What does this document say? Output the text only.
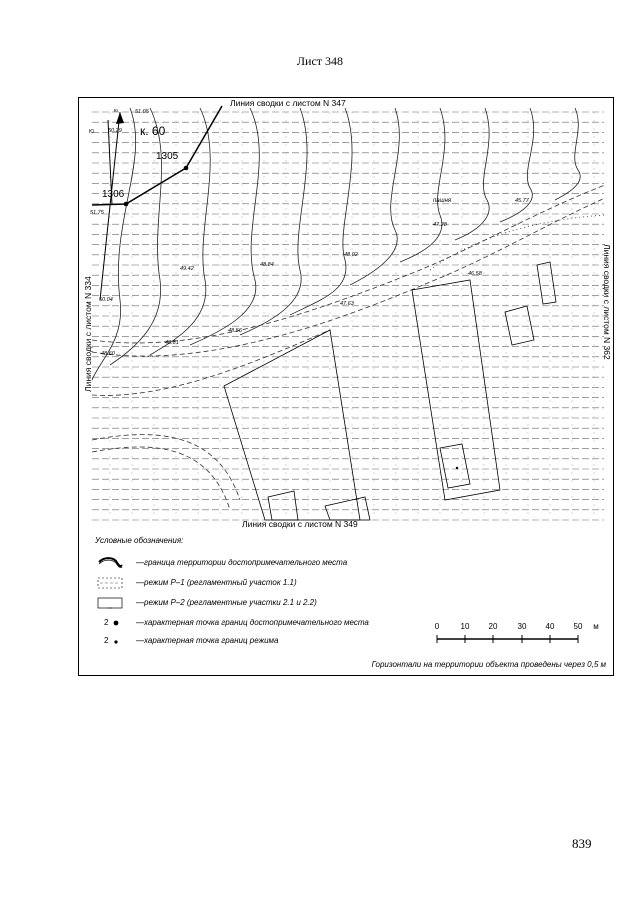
Лист 348
Линия сводки с листом N 347
Линия сводки с листом N 349
Линия сводки с листом N 334	Линия сводки с листом N 362
к. 60
1305
1306
пашня
Ю
ю
49.42
48.84
48.02
47.63
48.56
48.81
48.60
47.28
46.58
45.77
50.04
51.75
50.29
51.05
Условные обозначения:
—граница территории достопримечательного места
—режим Р–1 (регламентный участок 1.1)
—режим Р–2 (регламентные участки 2.1 и 2.2)
2	—характерная точка границ достопримечательного места
2	—характерная точка границ режима
0	10 20	30 40 50 м
Горизонтали на территории объекта проведены через 0,5 м
839
